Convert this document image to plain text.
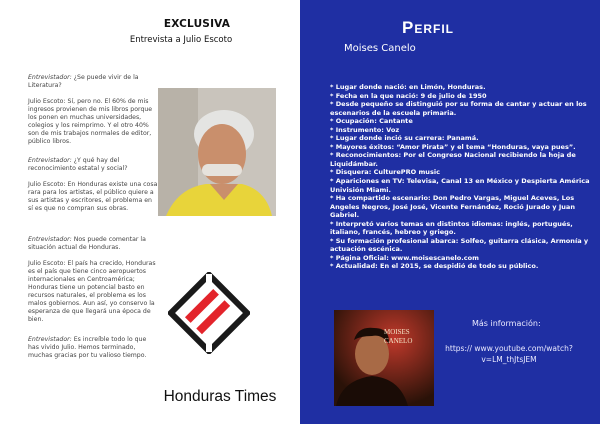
EXCLUSIVA
Entrevista a Julio Escoto
Entrevistador: ¿Se puede vivir de la Literatura?
Julio Escoto: Sí, pero no. El 60% de mis ingresos provienen de mis libros porque los ponen en muchas universidades, colegios y los reimprimo. Y el otro 40% son de mis trabajos normales de editor, público libros.
Entrevistador: ¿Y qué hay del reconocimiento estatal y social?
Julio Escoto: En Honduras existe una cosa rara para los artistas, el público quiere a sus artistas y escritores, el problema en sí es que no compran sus obras.
Entrevistador: Nos puede comentar la situación actual de Honduras.
Julio Escoto: El país ha crecido, Honduras es el país que tiene cinco aeropuertos internacionales en Centroamérica; Honduras tiene un potencial basto en recursos naturales, el problema es los malos gobiernos. Aun así, yo conservo la esperanza de que llegará una época de bien.
Entrevistador: Es increíble todo lo que has vivido Julio. Hemos terminado, muchas gracias por tu valioso tiempo.
Honduras Times
Perfil
Moises Canelo
* Lugar donde nació: en Limón, Honduras.
* Fecha en la que nació: 9 de julio de 1950
* Desde pequeño se distinguió por su forma de cantar y actuar en los escenarios de la escuela primaria.
* Ocupación: Cantante
* Instrumento: Voz
* Lugar donde inció su carrera: Panamá.
* Mayores éxitos: “Amor Pirata” y el tema “Honduras, vaya pues”.
* Reconocimientos: Por el Congreso Nacional recibiendo la hoja de Liquidámbar.
* Disquera: CulturePRO music
* Apariciones en TV: Televisa, Canal 13 en México y Despierta América Univisión Miami.
* Ha compartido escenario: Don Pedro Vargas, Miguel Aceves, Los Angeles Negros, José José, Vicente Fernández, Roció Jurado y Juan Gabriel.
* Interpretó varios temas en distintos idiomas: inglés, portugués, italiano, francés, hebreo y griego.
* Su formación profesional abarca: Solfeo, guitarra clásica, Armonía y actuación escénica.
* Página Oficial: www.moisescanelo.com
* Actualidad: En el 2015, se despidió de todo su público.
MOISES CANELO
Más información:
https:// www.youtube.com/watch? v=LM_thJtsJEM
